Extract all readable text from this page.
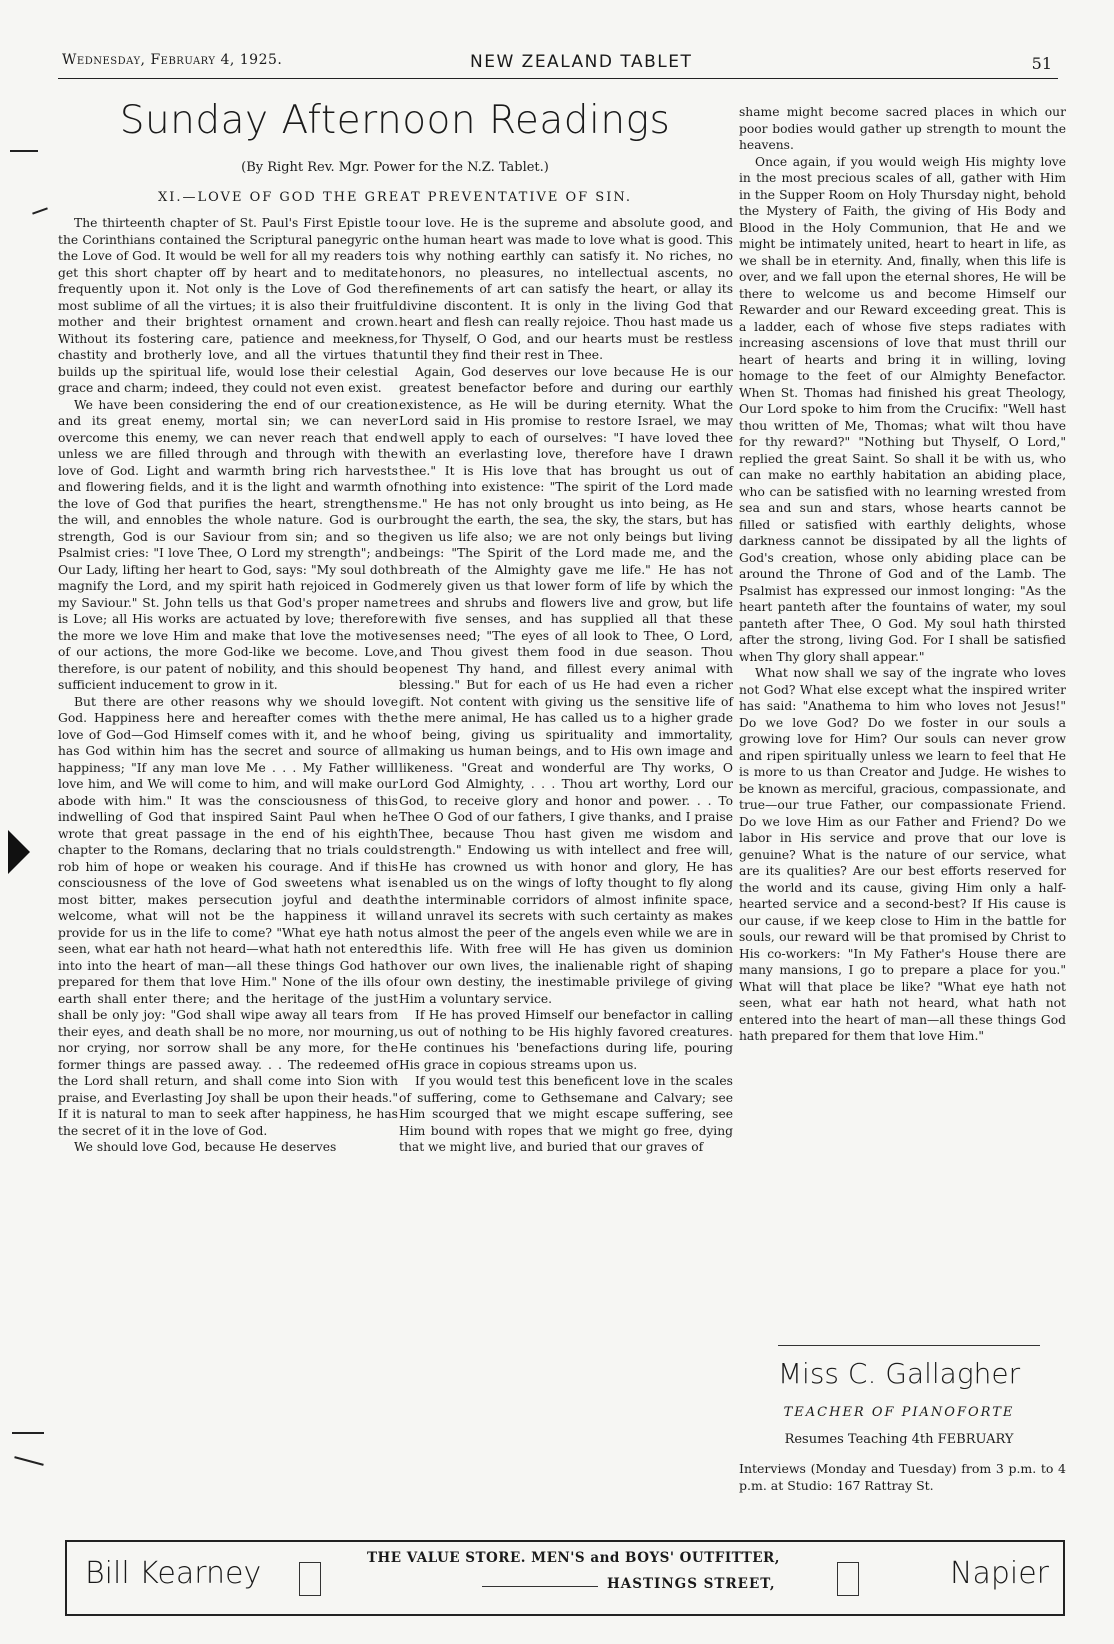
Wednesday, February 4, 1925.	NEW ZEALAND TABLET	51
Sunday Afternoon Readings
(By Right Rev. Mgr. Power for the N.Z. Tablet.)
XI.—LOVE OF GOD THE GREAT PREVENTATIVE OF SIN.

The thirteenth chapter of St. Paul's First Epistle to the Corinthians contained the Scriptural panegyric on the Love of God. It would be well for all my readers to get this short chapter off by heart and to meditate frequently upon it. Not only is the Love of God the most sublime of all the virtues; it is also their fruitful mother and their brightest ornament and crown. Without its fostering care, patience and meekness, chastity and brotherly love, and all the virtues that builds up the spiritual life, would lose their celestial grace and charm; indeed, they could not even exist.

We have been considering the end of our creation and its great enemy, mortal sin; we can never overcome this enemy, we can never reach that end unless we are filled through and through with the love of God. Light and warmth bring rich harvests and flowering fields, and it is the light and warmth of the love of God that purifies the heart, strengthens the will, and ennobles the whole nature. God is our strength, God is our Saviour from sin; and so the Psalmist cries: "I love Thee, O Lord my strength"; and Our Lady, lifting her heart to God, says: "My soul doth magnify the Lord, and my spirit hath rejoiced in God my Saviour." St. John tells us that God's proper name is Love; all His works are actuated by love; therefore the more we love Him and make that love the motive of our actions, the more God-like we become. Love, therefore, is our patent of nobility, and this should be sufficient inducement to grow in it.

But there are other reasons why we should love God. Happiness here and hereafter comes with the love of God—God Himself comes with it, and he who has God within him has the secret and source of all happiness; "If any man love Me . . . My Father will love him, and We will come to him, and will make our abode with him." It was the consciousness of this indwelling of God that inspired Saint Paul when he wrote that great passage in the end of his eighth chapter to the Romans, declaring that no trials could rob him of hope or weaken his courage. And if this consciousness of the love of God sweetens what is most bitter, makes persecution joyful and death welcome, what will not be the happiness it will provide for us in the life to come? "What eye hath not seen, what ear hath not heard—what hath not entered into into the heart of man—all these things God hath prepared for them that love Him." None of the ills of earth shall enter there; and the heritage of the just shall be only joy: "God shall wipe away all tears from their eyes, and death shall be no more, nor mourning, nor crying, nor sorrow shall be any more, for the former things are passed away. . . The redeemed of the Lord shall return, and shall come into Sion with praise, and Everlasting Joy shall be upon their heads." If it is natural to man to seek after happiness, he has the secret of it in the love of God.

We should love God, because He deserves

our love. He is the supreme and absolute good, and the human heart was made to love what is good. This is why nothing earthly can satisfy it. No riches, no honors, no pleasures, no intellectual ascents, no refinements of art can satisfy the heart, or allay its divine discontent. It is only in the living God that heart and flesh can really rejoice. Thou hast made us for Thyself, O God, and our hearts must be restless until they find their rest in Thee.

Again, God deserves our love because He is our greatest benefactor before and during our earthly existence, as He will be during eternity. What the Lord said in His promise to restore Israel, we may well apply to each of ourselves: "I have loved thee with an everlasting love, therefore have I drawn thee." It is His love that has brought us out of nothing into existence: "The spirit of the Lord made me." He has not only brought us into being, as He brought the earth, the sea, the sky, the stars, but has given us life also; we are not only beings but living beings: "The Spirit of the Lord made me, and the breath of the Almighty gave me life." He has not merely given us that lower form of life by which the trees and shrubs and flowers live and grow, but life with five senses, and has supplied all that these senses need; "The eyes of all look to Thee, O Lord, and Thou givest them food in due season. Thou openest Thy hand, and fillest every animal with blessing." But for each of us He had even a richer gift. Not content with giving us the sensitive life of the mere animal, He has called us to a higher grade of being, giving us spirituality and immortality, making us human beings, and to His own image and likeness. "Great and wonderful are Thy works, O Lord God Almighty, . . . Thou art worthy, Lord our God, to receive glory and honor and power. . . To Thee O God of our fathers, I give thanks, and I praise Thee, because Thou hast given me wisdom and strength." Endowing us with intellect and free will, He has crowned us with honor and glory, He has enabled us on the wings of lofty thought to fly along the interminable corridors of almost infinite space, and unravel its secrets with such certainty as makes us almost the peer of the angels even while we are in this life. With free will He has given us dominion over our own lives, the inalienable right of shaping our own destiny, the inestimable privilege of giving Him a voluntary service.

If He has proved Himself our benefactor in calling us out of nothing to be His highly favored creatures. He continues his 'benefactions during life, pouring His grace in copious streams upon us.

If you would test this beneficent love in the scales of suffering, come to Gethsemane and Calvary; see Him scourged that we might escape suffering, see Him bound with ropes that we might go free, dying that we might live, and buried that our graves of

shame might become sacred places in which our poor bodies would gather up strength to mount the heavens.

Once again, if you would weigh His mighty love in the most precious scales of all, gather with Him in the Supper Room on Holy Thursday night, behold the Mystery of Faith, the giving of His Body and Blood in the Holy Communion, that He and we might be intimately united, heart to heart in life, as we shall be in eternity. And, finally, when this life is over, and we fall upon the eternal shores, He will be there to welcome us and become Himself our Rewarder and our Reward exceeding great. This is a ladder, each of whose five steps radiates with increasing ascensions of love that must thrill our heart of hearts and bring it in willing, loving homage to the feet of our Almighty Benefactor. When St. Thomas had finished his great Theology, Our Lord spoke to him from the Crucifix: "Well hast thou written of Me, Thomas; what wilt thou have for thy reward?" "Nothing but Thyself, O Lord," replied the great Saint. So shall it be with us, who can make no earthly habitation an abiding place, who can be satisfied with no learning wrested from sea and sun and stars, whose hearts cannot be filled or satisfied with earthly delights, whose darkness cannot be dissipated by all the lights of God's creation, whose only abiding place can be around the Throne of God and of the Lamb. The Psalmist has expressed our inmost longing: "As the heart panteth after the fountains of water, my soul panteth after Thee, O God. My soul hath thirsted after the strong, living God. For I shall be satisfied when Thy glory shall appear."

What now shall we say of the ingrate who loves not God? What else except what the inspired writer has said: "Anathema to him who loves not Jesus!" Do we love God? Do we foster in our souls a growing love for Him? Our souls can never grow and ripen spiritually unless we learn to feel that He is more to us than Creator and Judge. He wishes to be known as merciful, gracious, compassionate, and true—our true Father, our compassionate Friend. Do we love Him as our Father and Friend? Do we labor in His service and prove that our love is genuine? What is the nature of our service, what are its qualities? Are our best efforts reserved for the world and its cause, giving Him only a half-hearted service and a second-best? If His cause is our cause, if we keep close to Him in the battle for souls, our reward will be that promised by Christ to His co-workers: "In My Father's House there are many mansions, I go to prepare a place for you." What will that place be like? "What eye hath not seen, what ear hath not heard, what hath not entered into the heart of man—all these things God hath prepared for them that love Him."

Miss C. Gallagher
TEACHER OF PIANOFORTE
Resumes Teaching 4th FEBRUARY
Interviews (Monday and Tuesday) from 3 p.m. to 4 p.m. at Studio: 167 Rattray St.
Bill Kearney	THE VALUE STORE. MEN'S and BOYS' OUTFITTER,
HASTINGS STREET,	Napier
